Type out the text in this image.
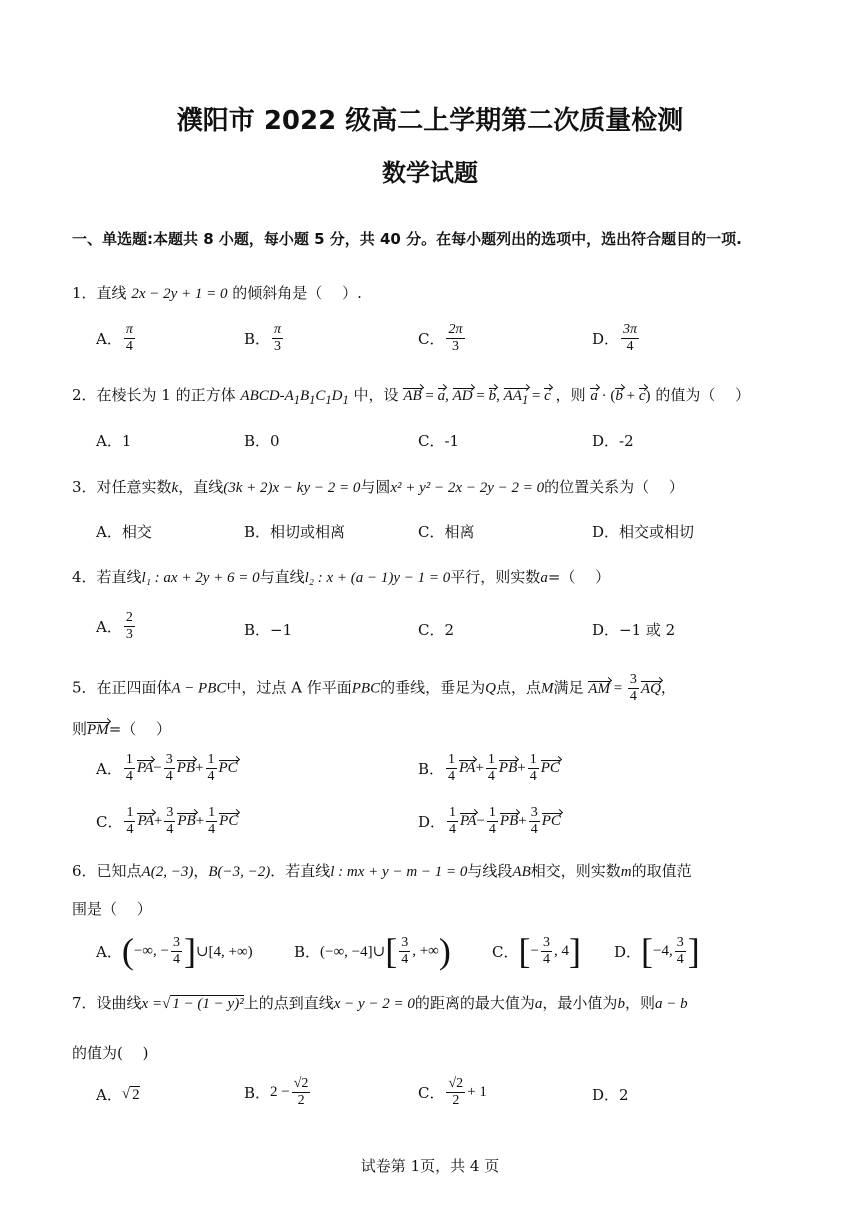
濮阳市 2022 级高二上学期第二次质量检测
数学试题
一、单选题:本题共 8 小题，每小题 5 分，共 40 分。在每小题列出的选项中，选出符合题目的一项.
1．直线 2x − 2y + 1 = 0 的倾斜角是（　 ）.
A． $\frac{\pi}{4}$	B． $\frac{\pi}{3}$	C． $\frac{2\pi}{3}$	D． $\frac{3\pi}{4}$
2．在棱长为 1 的正方体 ABCD-$A_1B_1C_1D_1$ 中，设 AB = a, AD = b, $AA_1 = c$ ，则 a · (b + c) 的值为（　 ）
A．1	B．0	C．-1	D．-2
3．对任意实数k，直线(3k + 2)x − ky − 2 = 0与圆x² + y² − 2x − 2y − 2 = 0的位置关系为（　 ）
A．相交	B．相切或相离	C．相离	D．相交或相切
4．若直线l₁ : ax + 2y + 6 = 0与直线l₂ : x + (a − 1)y − 1 = 0平行，则实数a=（　 ）
A． $\frac{2}{3}$	B．−1	C．2	D．−1 或 2
5．在正四面体A − PBC中，过点 A 作平面PBC的垂线，垂足为Q点，点M满足 AM = $\frac{3}{4}$ AQ，
则PM=（　 ）
A． $\frac{1}{4}$ PA − $\frac{3}{4}$ PB + $\frac{1}{4}$ PC	B． $\frac{1}{4}$ PA + $\frac{1}{4}$ PB + $\frac{1}{4}$ PC
C． $\frac{1}{4}$ PA + $\frac{3}{4}$ PB + $\frac{1}{4}$ PC	D． $\frac{1}{4}$ PA − $\frac{1}{4}$ PB + $\frac{3}{4}$ PC
6．已知点A(2, −3)，B(−3, −2)．若直线l : mx + y − m − 1 = 0与线段AB相交，则实数m的取值范
围是（　 ）
A． ( −∞, − $\frac{3}{4}$ ] ∪[4, +∞)	B． (−∞, −4]∪ [ $\frac{3}{4}$ , +∞ )	C． [ − $\frac{3}{4}$ , 4 ] D． [ −4, $\frac{3}{4}$ ]
7．设曲线x =√ 1 − (1 − y)²上的点到直线x − y − 2 = 0的距离的最大值为a，最小值为b，则a − b
的值为(　 )
A． √ 2	B． $2 - \frac{√2}{2}$	C． $\frac{√2}{2} + 1$	D．2
试卷第 1页，共 4 页
